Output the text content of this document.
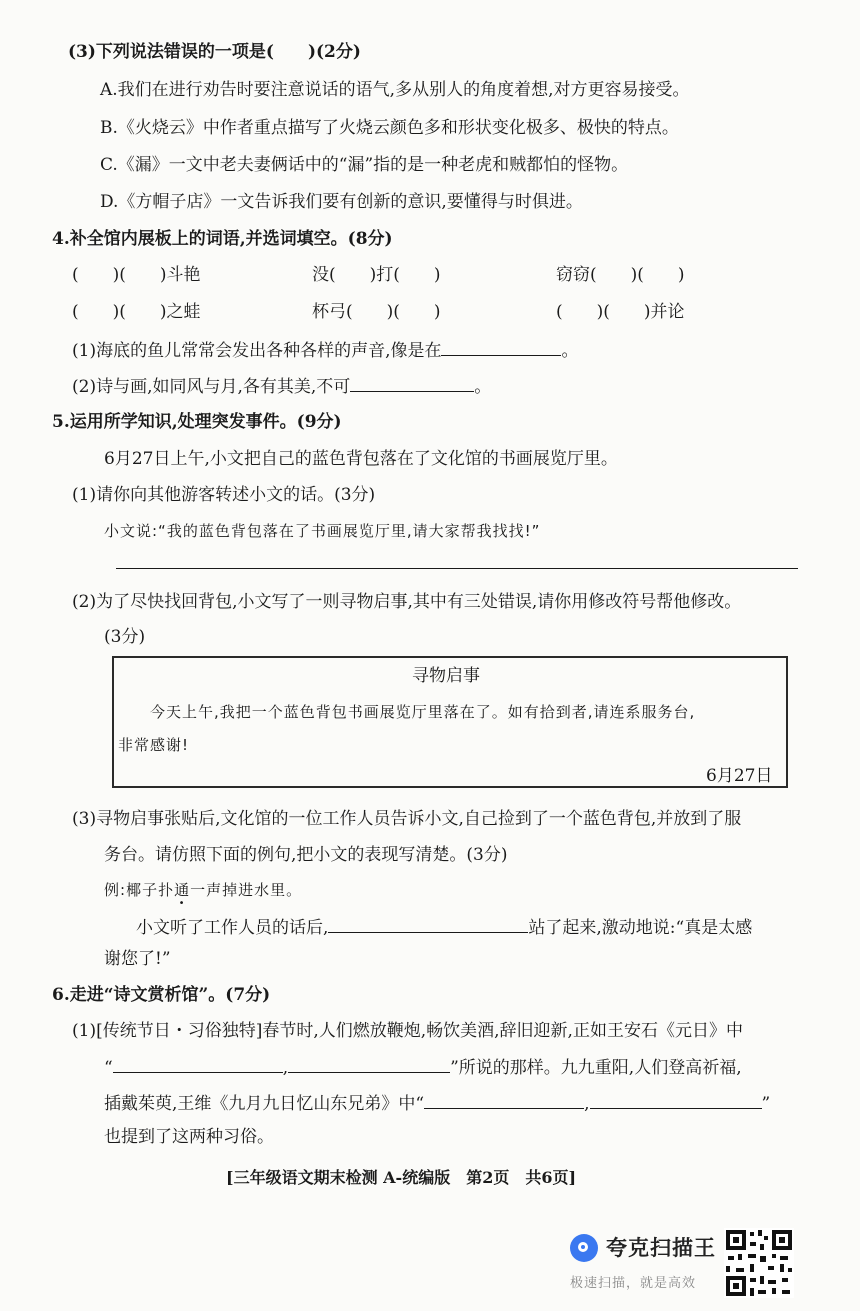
(3)下列说法错误的一项是(　　)(2分)
A.我们在进行劝告时要注意说话的语气,多从别人的角度着想,对方更容易接受。
B.《火烧云》中作者重点描写了火烧云颜色多和形状变化极多、极快的特点。
C.《漏》一文中老夫妻俩话中的“漏”指的是一种老虎和贼都怕的怪物。
D.《方帽子店》一文告诉我们要有创新的意识,要懂得与时俱进。
4.补全馆内展板上的词语,并选词填空。(8分)
(　　)(　　)斗艳	没(　　)打(　　)	窃窃(　　)(　　)
(　　)(　　)之蛙	杯弓(　　)(　　)	(　　)(　　)并论
(1)海底的鱼儿常常会发出各种各样的声音,像是在	。
(2)诗与画,如同风与月,各有其美,不可	。
5.运用所学知识,处理突发事件。(9分)
6月27日上午,小文把自己的蓝色背包落在了文化馆的书画展览厅里。
(1)请你向其他游客转述小文的话。(3分)
小文说:“我的蓝色背包落在了书画展览厅里,请大家帮我找找!”
(2)为了尽快找回背包,小文写了一则寻物启事,其中有三处错误,请你用修改符号帮他修改。
(3分)
寻物启事
今天上午,我把一个蓝色背包书画展览厅里落在了。如有拾到者,请连系服务台,
非常感谢!
6月27日
(3)寻物启事张贴后,文化馆的一位工作人员告诉小文,自己捡到了一个蓝色背包,并放到了服
务台。请仿照下面的例句,把小文的表现写清楚。(3分)
例:椰子扑通一声掉进水里。
小文听了工作人员的话后,	站了起来,激动地说:“真是太感
谢您了!”
6.走进“诗文赏析馆”。(7分)
(1)[传统节日・习俗独特]春节时,人们燃放鞭炮,畅饮美酒,辞旧迎新,正如王安石《元日》中
“	,	”所说的那样。九九重阳,人们登高祈福,
插戴茱萸,王维《九月九日忆山东兄弟》中“	,	”
也提到了这两种习俗。
[三年级语文期末检测 A-统编版　第2页　共6页]
夸克扫描王
极速扫描，就是高效
